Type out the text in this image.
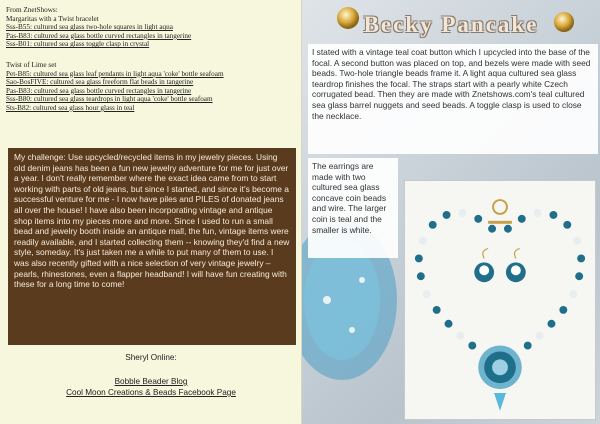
From ZnetShows:
Margaritas with a Twist bracelet
Sss-B55: cultured sea glass two-hole squares in light aqua
Pas-B83: cultured sea glass bottle curved rectangles in tangerine
Sss-B01: cultured sea glass toggle clasp in crystal
Twist of Lime set
Pet-B85: cultured sea glass leaf pendants in light aqua 'coke' bottle seafoam
Sao-BosFIVE: cultured sea glass freeform flat beads in tangerine
Pas-B83: cultured sea glass bottle curved rectangles in tangerine
Sss-B80: cultured sea glass teardrops in light aqua 'coke' bottle seafoam
Sts-B82: cultured sea glass hour glass in teal

My challenge: Use upcycled/recycled items in my jewelry pieces. Using old denim jeans has been a fun new jewelry adventure for me for just over a year. I don't really remember where the exact idea came from to start working with parts of old jeans, but since I started, and since it's become a successful venture for me - I now have piles and PILES of donated jeans all over the house! I have also been incorporating vintage and antique shop items into my pieces more and more. Since I used to run a small bead and jewelry booth inside an antique mall, the fun, vintage items were readily available, and I started collecting them -- knowing they'd find a new style, someday. It's just taken me a while to put many of them to use. I was also recently gifted with a nice selection of very vintage jewelry – pearls, rhinestones, even a flapper headband! I will have fun creating with these for a long time to come!

Sheryl Online:
Bobble Beader Blog
Cool Moon Creations & Beads Facebook Page
Becky Pancake

I stated with a vintage teal coat button which I upcycled into the base of the focal. A second button was placed on top, and bezels were made with seed beads. Two-hole triangle beads frame it. A light aqua cultured sea glass teardrop finishes the focal. The straps start with a pearly white Czech corrugated bead. Then they are made with Znetshows.com's teal cultured sea glass barrel nuggets and seed beads. A toggle clasp is used to close the necklace.

The earrings are made with two cultured sea glass concave coin beads and wire. The larger coin is teal and the smaller is white.
